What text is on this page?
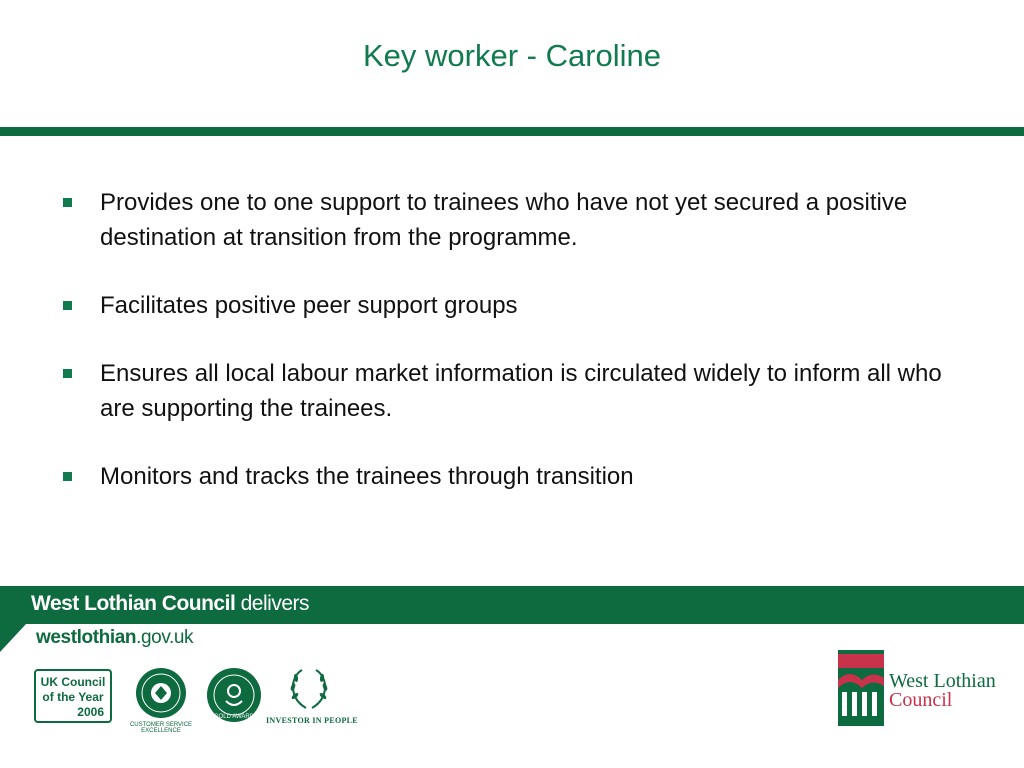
Key worker - Caroline
Provides one to one support to trainees who have not yet secured a positive destination at transition from the programme.
Facilitates positive peer support groups
Ensures all local labour market information is circulated widely to inform all who are supporting the trainees.
Monitors and tracks the trainees through transition
West Lothian Council delivers
westlothian.gov.uk
UK Council
of the Year
2006
CUSTOMER SERVICE EXCELLENCE
GOLD AWARD	INVESTOR IN PEOPLE
West Lothian
Council
